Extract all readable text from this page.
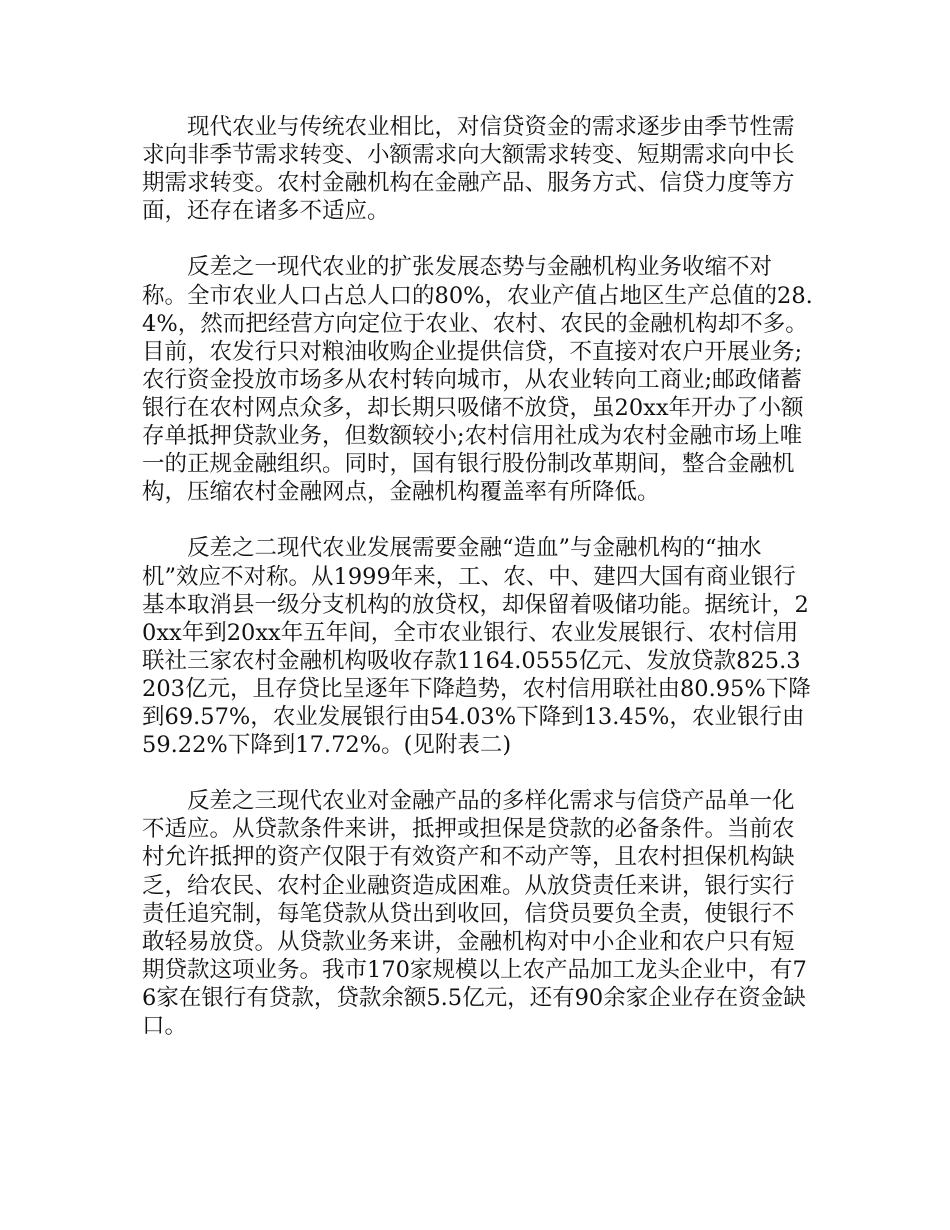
现代农业与传统农业相比，对信贷资金的需求逐步由季节性需求向非季节需求转变、小额需求向大额需求转变、短期需求向中长期需求转变。农村金融机构在金融产品、服务方式、信贷力度等方面，还存在诸多不适应。

反差之一现代农业的扩张发展态势与金融机构业务收缩不对称。全市农业人口占总人口的80%，农业产值占地区生产总值的28.4%，然而把经营方向定位于农业、农村、农民的金融机构却不多。目前，农发行只对粮油收购企业提供信贷，不直接对农户开展业务;农行资金投放市场多从农村转向城市，从农业转向工商业;邮政储蓄银行在农村网点众多，却长期只吸储不放贷，虽20xx年开办了小额存单抵押贷款业务，但数额较小;农村信用社成为农村金融市场上唯一的正规金融组织。同时，国有银行股份制改革期间，整合金融机构，压缩农村金融网点，金融机构覆盖率有所降低。

反差之二现代农业发展需要金融“造血”与金融机构的“抽水机”效应不对称。从1999年来，工、农、中、建四大国有商业银行基本取消县一级分支机构的放贷权，却保留着吸储功能。据统计，20xx年到20xx年五年间，全市农业银行、农业发展银行、农村信用联社三家农村金融机构吸收存款1164.0555亿元、发放贷款825.3203亿元，且存贷比呈逐年下降趋势，农村信用联社由80.95%下降到69.57%，农业发展银行由54.03%下降到13.45%，农业银行由59.22%下降到17.72%。(见附表二)

反差之三现代农业对金融产品的多样化需求与信贷产品单一化不适应。从贷款条件来讲，抵押或担保是贷款的必备条件。当前农村允许抵押的资产仅限于有效资产和不动产等，且农村担保机构缺乏，给农民、农村企业融资造成困难。从放贷责任来讲，银行实行责任追究制，每笔贷款从贷出到收回，信贷员要负全责，使银行不敢轻易放贷。从贷款业务来讲，金融机构对中小企业和农户只有短期贷款这项业务。我市170家规模以上农产品加工龙头企业中，有76家在银行有贷款，贷款余额5.5亿元，还有90余家企业存在资金缺口。
